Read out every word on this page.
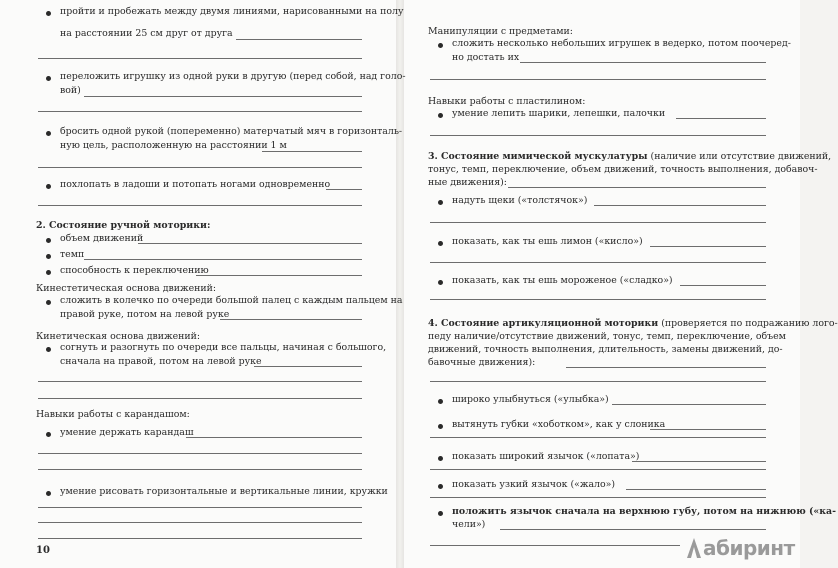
пройти и пробежать между двумя линиями, нарисованными на полу
на расстоянии 25 см друг от друга
переложить игрушку из одной руки в другую (перед собой, над голо-
вой)
бросить одной рукой (попеременно) матерчатый мяч в горизонталь-
ную цель, расположенную на расстоянии 1 м
похлопать в ладоши и потопать ногами одновременно
2. Состояние ручной моторики:
объем движений
темп
способность к переключению
Кинестетическая основа движений:
сложить в колечко по очереди большой палец с каждым пальцем на
правой руке, потом на левой руке
Кинетическая основа движений:
согнуть и разогнуть по очереди все пальцы, начиная с большого,
сначала на правой, потом на левой руке
Навыки работы с карандашом:
умение держать карандаш
умение рисовать горизонтальные и вертикальные линии, кружки
10
Манипуляции с предметами:
сложить несколько небольших игрушек в ведерко, потом поочеред-
но достать их
Навыки работы с пластилином:
умение лепить шарики, лепешки, палочки
3. Состояние мимической мускулатуры (наличие или отсутствие движений,
тонус, темп, переключение, объем движений, точность выполнения, добавоч-
ные движения):
надуть щеки («толстячок»)
показать, как ты ешь лимон («кисло»)
показать, как ты ешь мороженое («сладко»)
4. Состояние артикуляционной моторики (проверяется по подражанию лого-
педу наличие/отсутствие движений, тонус, темп, переключение, объем
движений, точность выполнения, длительность, замены движений, до-
бавочные движения):
широко улыбнуться («улыбка»)
вытянуть губки «хоботком», как у слоника
показать широкий язычок («лопата»)
показать узкий язычок («жало»)
положить язычок сначала на верхнюю губу, потом на нижнюю («ка-
чели»)
абиринт
